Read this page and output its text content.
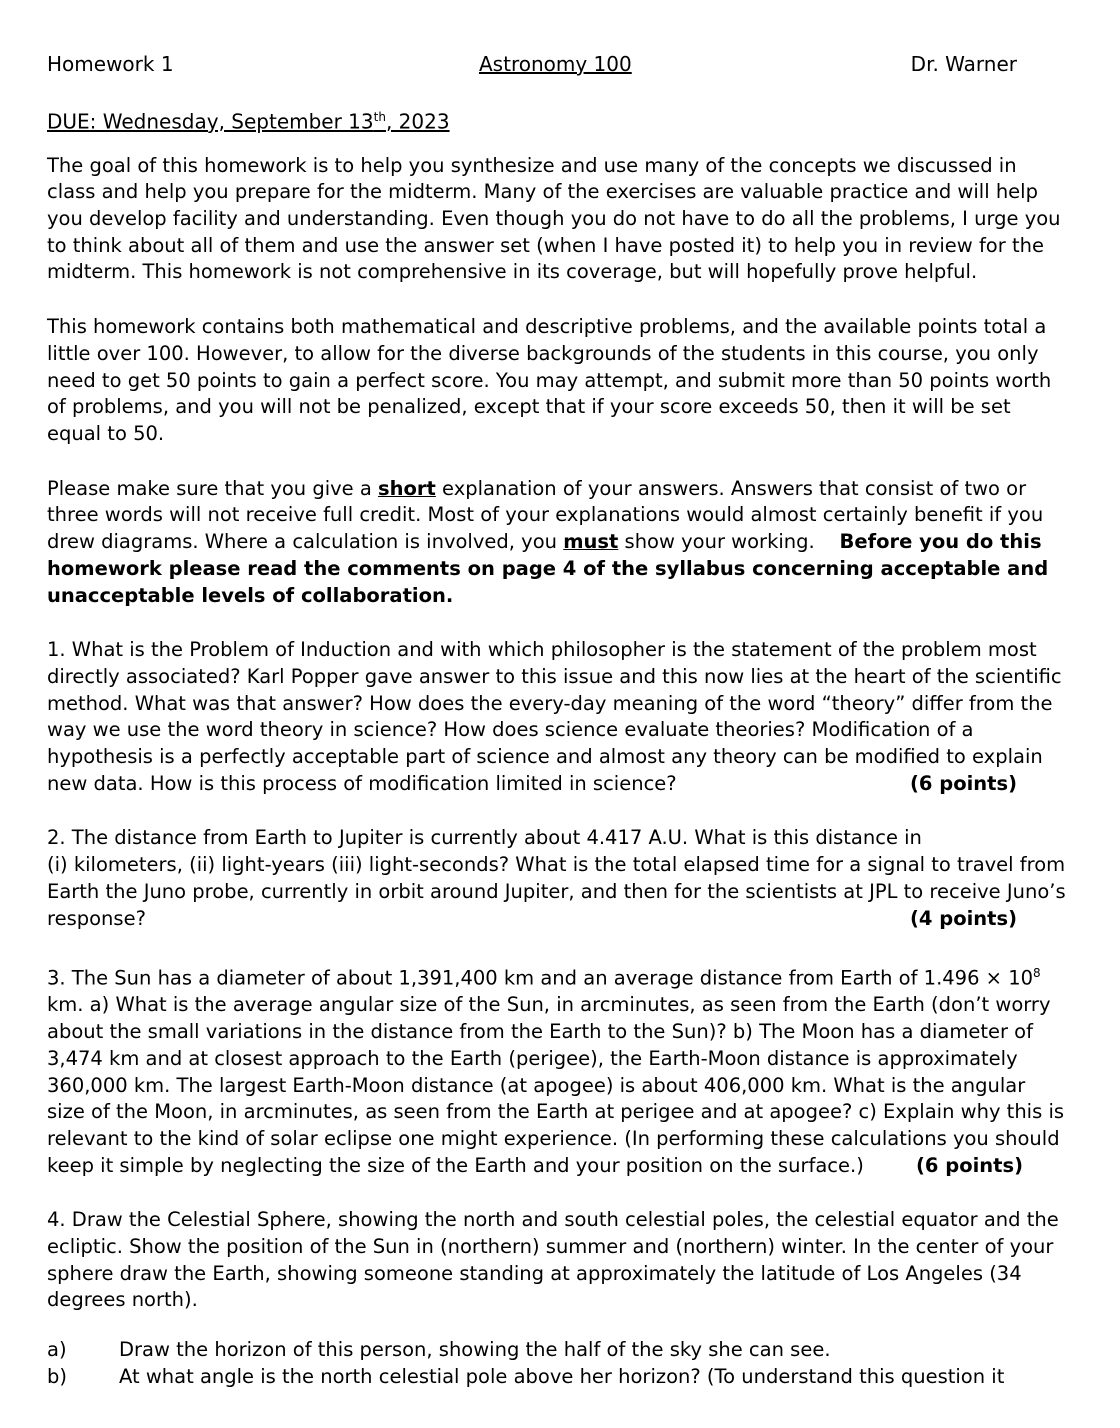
Homework 1	Astronomy 100	Dr. Warner
DUE: Wednesday, September 13th, 2023

The goal of this homework is to help you synthesize and use many of the concepts we discussed in class and help you prepare for the midterm. Many of the exercises are valuable practice and will help you develop facility and understanding. Even though you do not have to do all the problems, I urge you to think about all of them and use the answer set (when I have posted it) to help you in review for the midterm. This homework is not comprehensive in its coverage, but will hopefully prove helpful.

This homework contains both mathematical and descriptive problems, and the available points total a little over 100. However, to allow for the diverse backgrounds of the students in this course, you only need to get 50 points to gain a perfect score. You may attempt, and submit more than 50 points worth of problems, and you will not be penalized, except that if your score exceeds 50, then it will be set equal to 50.

Please make sure that you give a short explanation of your answers. Answers that consist of two or three words will not receive full credit. Most of your explanations would almost certainly benefit if you drew diagrams. Where a calculation is involved, you must show your working.    Before you do this homework please read the comments on page 4 of the syllabus concerning acceptable and unacceptable levels of collaboration.

1. What is the Problem of Induction and with which philosopher is the statement of the problem most directly associated? Karl Popper gave answer to this issue and this now lies at the heart of the scientific method. What was that answer? How does the every-day meaning of the word “theory” differ from the way we use the word theory in science? How does science evaluate theories? Modification of a hypothesis is a perfectly acceptable part of science and almost any theory can be modified to explain new data. How is this process of modification limited in science?	(6 points)

2. The distance from Earth to Jupiter is currently about 4.417 A.U. What is this distance in
(i) kilometers, (ii) light-years (iii) light-seconds? What is the total elapsed time for a signal to travel from Earth the Juno probe, currently in orbit around Jupiter, and then for the scientists at JPL to receive Juno’s response?	(4 points)

3. The Sun has a diameter of about 1,391,400 km and an average distance from Earth of $1.496 \times 10^8$ km. a) What is the average angular size of the Sun, in arcminutes, as seen from the Earth (don’t worry about the small variations in the distance from the Earth to the Sun)? b) The Moon has a diameter of 3,474 km and at closest approach to the Earth (perigee), the Earth-Moon distance is approximately 360,000 km. The largest Earth-Moon distance (at apogee) is about 406,000 km. What is the angular size of the Moon, in arcminutes, as seen from the Earth at perigee and at apogee? c) Explain why this is relevant to the kind of solar eclipse one might experience. (In performing these calculations you should keep it simple by neglecting the size of the Earth and your position on the surface.)	(6 points)

4. Draw the Celestial Sphere, showing the north and south celestial poles, the celestial equator and the ecliptic. Show the position of the Sun in (northern) summer and (northern) winter. In the center of your sphere draw the Earth, showing someone standing at approximately the latitude of Los Angeles (34 degrees north).

a)	Draw the horizon of this person, showing the half of the sky she can see.
b)	At what angle is the north celestial pole above her horizon? (To understand this question it
